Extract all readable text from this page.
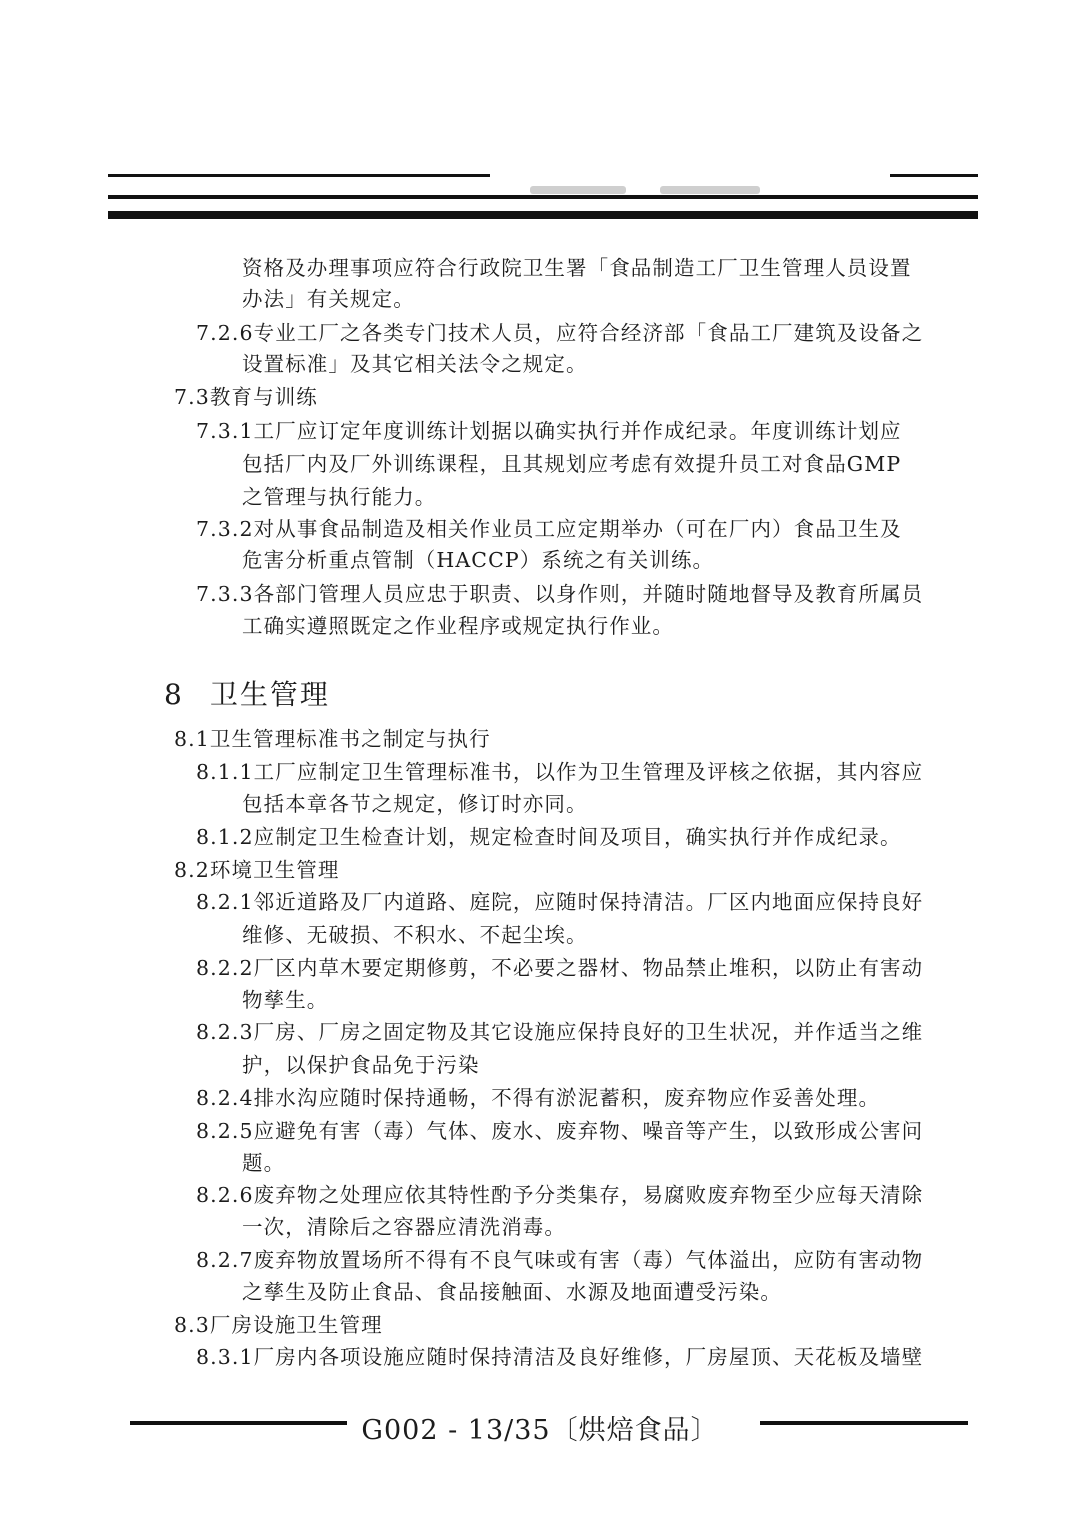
资格及办理事项应符合行政院卫生署「食品制造工厂卫生管理人员设置
办法」有关规定。
7.2.6专业工厂之各类专门技术人员，应符合经济部「食品工厂建筑及设备之
设置标准」及其它相关法令之规定。
7.3教育与训练
7.3.1工厂应订定年度训练计划据以确实执行并作成纪录。年度训练计划应
包括厂内及厂外训练课程，且其规划应考虑有效提升员工对食品GMP
之管理与执行能力。
7.3.2对从事食品制造及相关作业员工应定期举办（可在厂内）食品卫生及
危害分析重点管制（HACCP）系统之有关训练。
7.3.3各部门管理人员应忠于职责、以身作则，并随时随地督导及教育所属员
工确实遵照既定之作业程序或规定执行作业。
8 卫生管理
8.1卫生管理标准书之制定与执行
8.1.1工厂应制定卫生管理标准书，以作为卫生管理及评核之依据，其内容应
包括本章各节之规定，修订时亦同。
8.1.2应制定卫生检查计划，规定检查时间及项目，确实执行并作成纪录。
8.2环境卫生管理
8.2.1邻近道路及厂内道路、庭院，应随时保持清洁。厂区内地面应保持良好
维修、无破损、不积水、不起尘埃。
8.2.2厂区内草木要定期修剪，不必要之器材、物品禁止堆积，以防止有害动
物孳生。
8.2.3厂房、厂房之固定物及其它设施应保持良好的卫生状况，并作适当之维
护，以保护食品免于污染
8.2.4排水沟应随时保持通畅，不得有淤泥蓄积，废弃物应作妥善处理。
8.2.5应避免有害（毒）气体、废水、废弃物、噪音等产生，以致形成公害问
题。
8.2.6废弃物之处理应依其特性酌予分类集存，易腐败废弃物至少应每天清除
一次，清除后之容器应清洗消毒。
8.2.7废弃物放置场所不得有不良气味或有害（毒）气体溢出，应防有害动物
之孳生及防止食品、食品接触面、水源及地面遭受污染。
8.3厂房设施卫生管理
8.3.1厂房内各项设施应随时保持清洁及良好维修，厂房屋顶、天花板及墙壁
G002 - 13/35〔烘焙食品〕
